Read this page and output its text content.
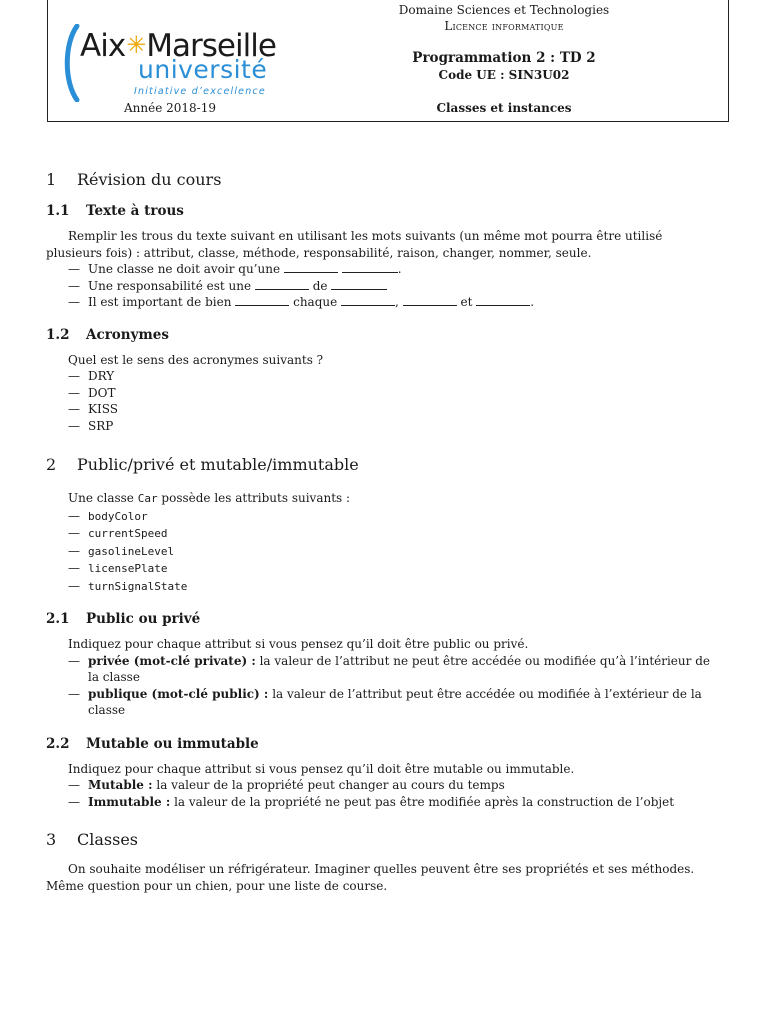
Aix✳Marseille
université
Initiative d’excellence
Année 2018-19
Domaine Sciences et Technologies
Licence informatique
Programmation 2 : TD 2
Code UE : SIN3U02
Classes et instances
1	Révision du cours
1.1	Texte à trous

Remplir les trous du texte suivant en utilisant les mots suivants (un même mot pourra être utilisé plusieurs fois) : attribut, classe, méthode, responsabilité, raison, changer, nommer, seule.

— Une classe ne doit avoir qu’une	.
— Une responsabilité est une	de
— Il est important de bien	chaque	,	et	.
1.2	Acronymes

Quel est le sens des acronymes suivants ?

— DRY
— DOT
— KISS
— SRP
2	Public/privé et mutable/immutable

Une classe Car possède les attributs suivants :

— bodyColor
— currentSpeed
— gasolineLevel
— licensePlate
— turnSignalState
2.1	Public ou privé

Indiquez pour chaque attribut si vous pensez qu’il doit être public ou privé.

— privée (mot-clé private) : la valeur de l’attribut ne peut être accédée ou modifiée qu’à l’intérieur de la classe
— publique (mot-clé public) : la valeur de l’attribut peut être accédée ou modifiée à l’extérieur de la classe
2.2	Mutable ou immutable

Indiquez pour chaque attribut si vous pensez qu’il doit être mutable ou immutable.

— Mutable : la valeur de la propriété peut changer au cours du temps
— Immutable : la valeur de la propriété ne peut pas être modifiée après la construction de l’objet
3	Classes

On souhaite modéliser un réfrigérateur. Imaginer quelles peuvent être ses propriétés et ses méthodes. Même question pour un chien, pour une liste de course.
